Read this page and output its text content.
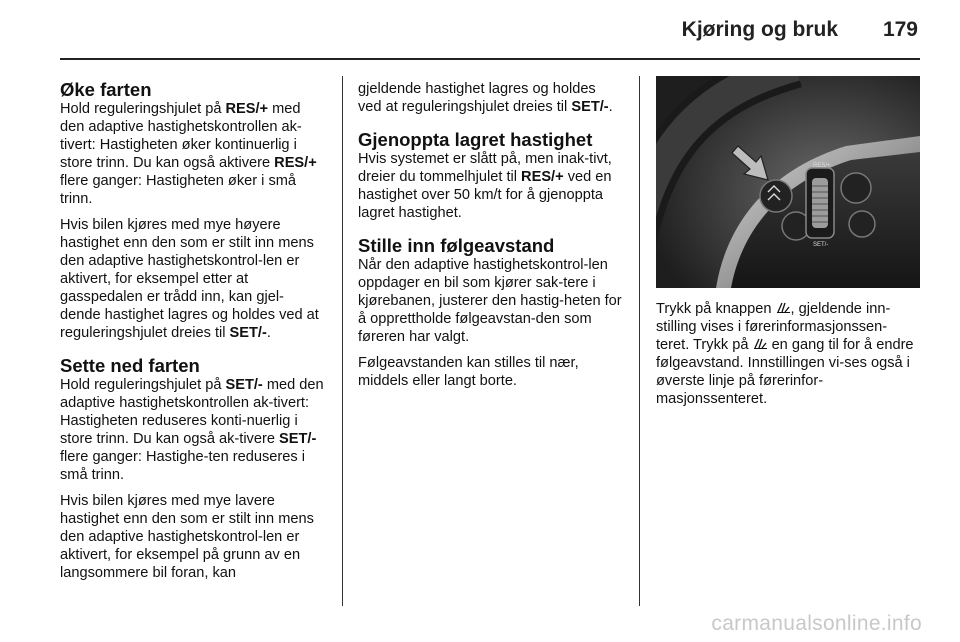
Kjøring og bruk 179
Øke farten

Hold reguleringshjulet på RES/+ med den adaptive hastighetskontrollen ak-tivert: Hastigheten øker kontinuerlig i store trinn. Du kan også aktivere RES/+ flere ganger: Hastigheten øker i små trinn.

Hvis bilen kjøres med mye høyere hastighet enn den som er stilt inn mens den adaptive hastighetskontrol-len er aktivert, for eksempel etter at gasspedalen er trådd inn, kan gjel-dende hastighet lagres og holdes ved at reguleringshjulet dreies til SET/-.

Sette ned farten

Hold reguleringshjulet på SET/- med den adaptive hastighetskontrollen ak-tivert: Hastigheten reduseres konti-nuerlig i store trinn. Du kan også ak-tivere SET/- flere ganger: Hastighe-ten reduseres i små trinn.

Hvis bilen kjøres med mye lavere hastighet enn den som er stilt inn mens den adaptive hastighetskontrol-len er aktivert, for eksempel på grunn av en langsommere bil foran, kan

gjeldende hastighet lagres og holdes ved at reguleringshjulet dreies til SET/-.

Gjenoppta lagret hastighet

Hvis systemet er slått på, men inak-tivt, dreier du tommelhjulet til RES/+ ved en hastighet over 50 km/t for å gjenoppta lagret hastighet.

Stille inn følgeavstand

Når den adaptive hastighetskontrol-len oppdager en bil som kjører sak-tere i kjørebanen, justerer den hastig-heten for å opprettholde følgeavstan-den som føreren har valgt.

Følgeavstanden kan stilles til nær, middels eller langt borte.

RES/+
SET/-

Trykk på knappen , gjeldende inn-stilling vises i førerinformasjonssen-teret. Trykk på  en gang til for å endre følgeavstand. Innstillingen vi-ses også i øverste linje på førerinfor-masjonssenteret.

carmanualsonline.info
